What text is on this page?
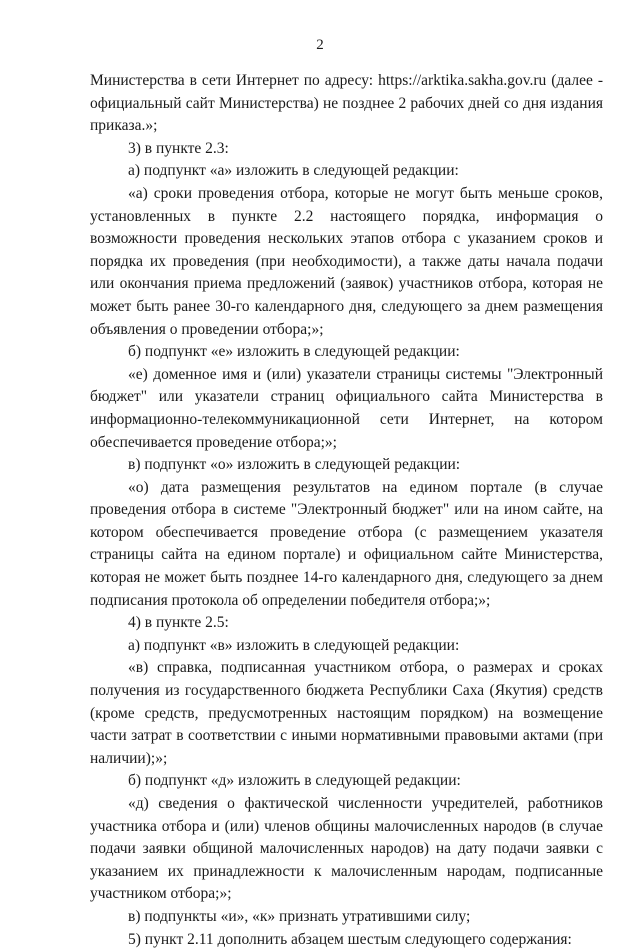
2

Министерства в сети Интернет по адресу: https://arktika.sakha.gov.ru (далее - официальный сайт Министерства) не позднее 2 рабочих дней со дня издания приказа.»;

3) в пункте 2.3:

а) подпункт «а» изложить в следующей редакции:

«а) сроки проведения отбора, которые не могут быть меньше сроков, установленных в пункте 2.2 настоящего порядка, информация о возможности проведения нескольких этапов отбора с указанием сроков и порядка их проведения (при необходимости), а также даты начала подачи или окончания приема предложений (заявок) участников отбора, которая не может быть ранее 30-го календарного дня, следующего за днем размещения объявления о проведении отбора;»;

б) подпункт «е» изложить в следующей редакции:

«е) доменное имя и (или) указатели страницы системы "Электронный бюджет" или указатели страниц официального сайта Министерства в информационно-телекоммуникационной сети Интернет, на котором обеспечивается проведение отбора;»;

в) подпункт «о» изложить в следующей редакции:

«о) дата размещения результатов на едином портале (в случае проведения отбора в системе "Электронный бюджет" или на ином сайте, на котором обеспечивается проведение отбора (с размещением указателя страницы сайта на едином портале) и официальном сайте Министерства, которая не может быть позднее 14-го календарного дня, следующего за днем подписания протокола об определении победителя отбора;»;

4) в пункте 2.5:

а) подпункт «в» изложить в следующей редакции:

«в) справка, подписанная участником отбора, о размерах и сроках получения из государственного бюджета Республики Саха (Якутия) средств (кроме средств, предусмотренных настоящим порядком) на возмещение части затрат в соответствии с иными нормативными правовыми актами (при наличии);»;

б) подпункт «д» изложить в следующей редакции:

«д) сведения о фактической численности учредителей, работников участника отбора и (или) членов общины малочисленных народов (в случае подачи заявки общиной малочисленных народов) на дату подачи заявки с указанием их принадлежности к малочисленным народам, подписанные участником отбора;»;

в) подпункты «и», «к» признать утратившими силу;

5) пункт 2.11 дополнить абзацем шестым следующего содержания:
